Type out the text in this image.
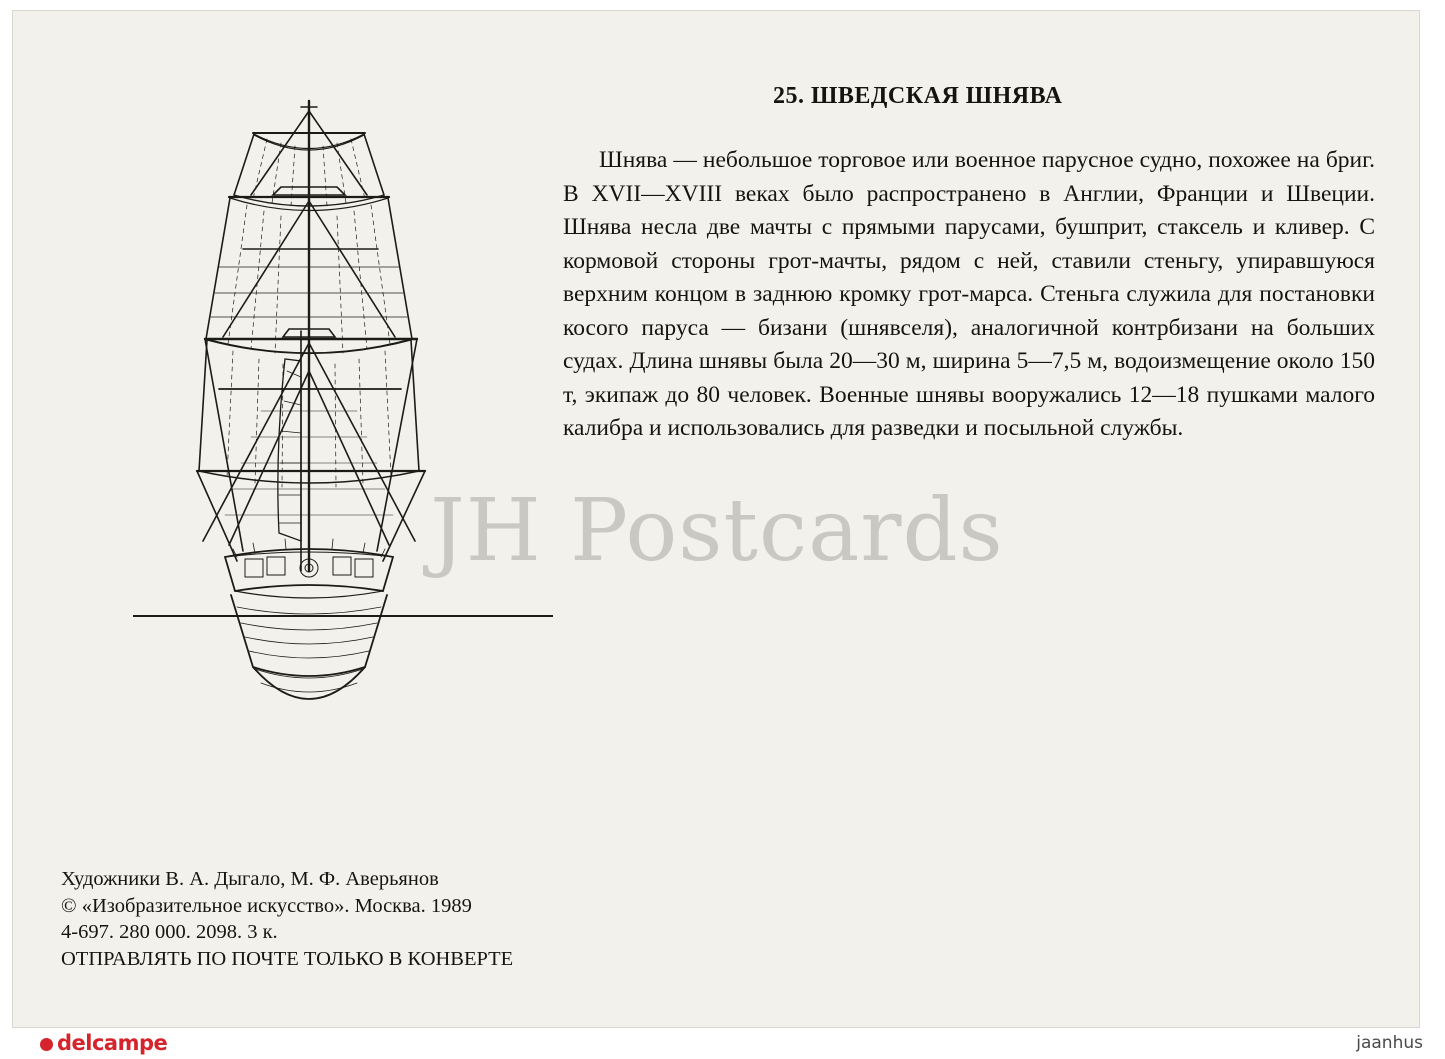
25. ШВЕДСКАЯ ШНЯВА
Шнява — небольшое торговое или военное парусное судно, похожее на бриг. В XVII—XVIII веках было распространено в Англии, Франции и Швеции. Шнява несла две мачты с прямыми парусами, бушприт, стаксель и кливер. С кормовой стороны грот-мачты, рядом с ней, ставили стеньгу, упиравшуюся верхним концом в заднюю кромку грот-марса. Стеньга служила для постановки косого паруса — бизани (шнявселя), аналогичной контрбизани на больших судах. Длина шнявы была 20—30 м, ширина 5—7,5 м, водоизмещение около 150 т, экипаж до 80 человек. Военные шнявы вооружались 12—18 пушками малого калибра и использовались для разведки и посыльной службы.
JH Postcards
Художники В. А. Дыгало, М. Ф. Аверьянов
© «Изобразительное искусство». Москва. 1989
4-697. 280 000. 2098. 3 к.
ОТПРАВЛЯТЬ ПО ПОЧТЕ ТОЛЬКО В КОНВЕРТЕ
delcampe	jaanhus
